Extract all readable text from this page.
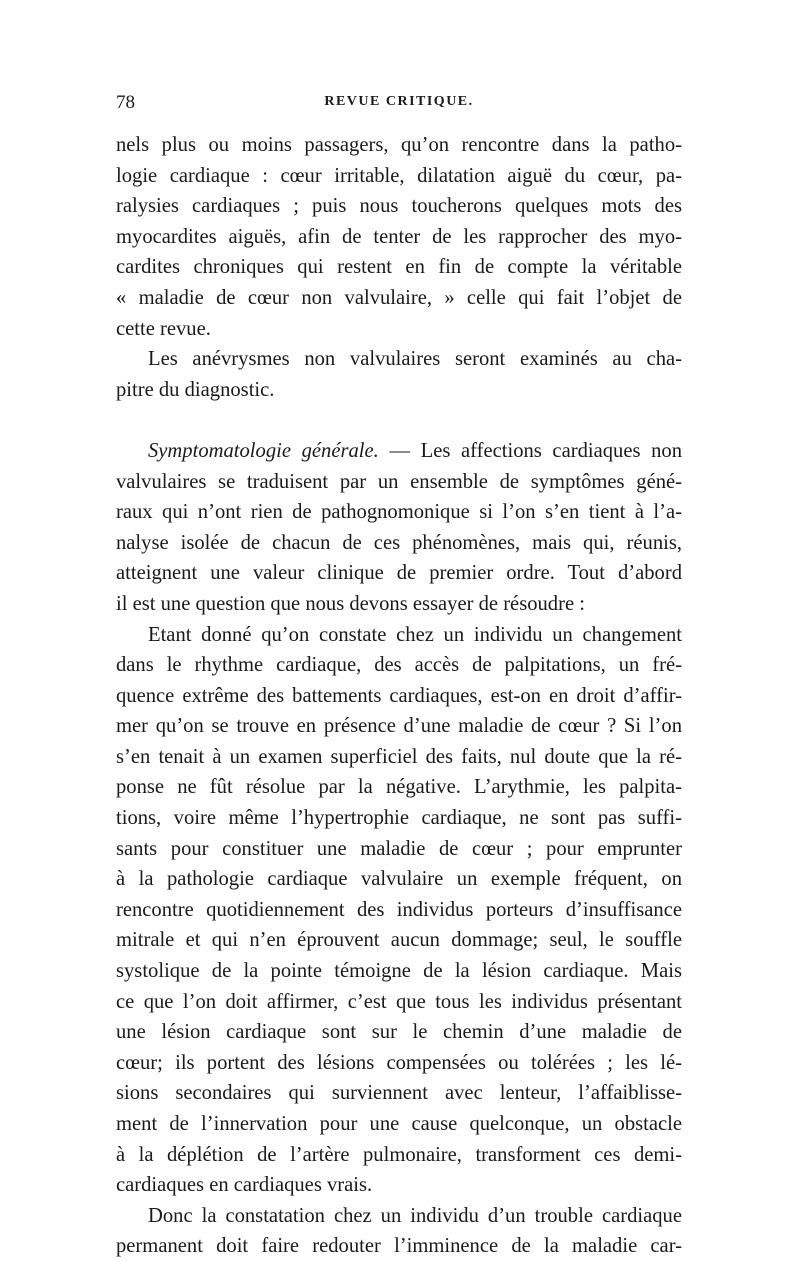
78	REVUE CRITIQUE.
nels plus ou moins passagers, qu’on rencontre dans la patho-
logie cardiaque : cœur irritable, dilatation aiguë du cœur, pa-
ralysies cardiaques ; puis nous toucherons quelques mots des
myocardites aiguës, afin de tenter de les rapprocher des myo-
cardites chroniques qui restent en fin de compte la véritable
« maladie de cœur non valvulaire, » celle qui fait l’objet de
cette revue.
Les anévrysmes non valvulaires seront examinés au cha-
pitre du diagnostic.
Symptomatologie générale. — Les affections cardiaques non
valvulaires se traduisent par un ensemble de symptômes géné-
raux qui n’ont rien de pathognomonique si l’on s’en tient à l’a-
nalyse isolée de chacun de ces phénomènes, mais qui, réunis,
atteignent une valeur clinique de premier ordre. Tout d’abord
il est une question que nous devons essayer de résoudre :
Etant donné qu’on constate chez un individu un changement
dans le rhythme cardiaque, des accès de palpitations, un fré-
quence extrême des battements cardiaques, est-on en droit d’affir-
mer qu’on se trouve en présence d’une maladie de cœur ? Si l’on
s’en tenait à un examen superficiel des faits, nul doute que la ré-
ponse ne fût résolue par la négative. L’arythmie, les palpita-
tions, voire même l’hypertrophie cardiaque, ne sont pas suffi-
sants pour constituer une maladie de cœur ; pour emprunter
à la pathologie cardiaque valvulaire un exemple fréquent, on
rencontre quotidiennement des individus porteurs d’insuffisance
mitrale et qui n’en éprouvent aucun dommage; seul, le souffle
systolique de la pointe témoigne de la lésion cardiaque. Mais
ce que l’on doit affirmer, c’est que tous les individus présentant
une lésion cardiaque sont sur le chemin d’une maladie de
cœur; ils portent des lésions compensées ou tolérées ; les lé-
sions secondaires qui surviennent avec lenteur, l’affaiblisse-
ment de l’innervation pour une cause quelconque, un obstacle
à la déplétion de l’artère pulmonaire, transforment ces demi-
cardiaques en cardiaques vrais.
Donc la constatation chez un individu d’un trouble cardiaque
permanent doit faire redouter l’imminence de la maladie car-
